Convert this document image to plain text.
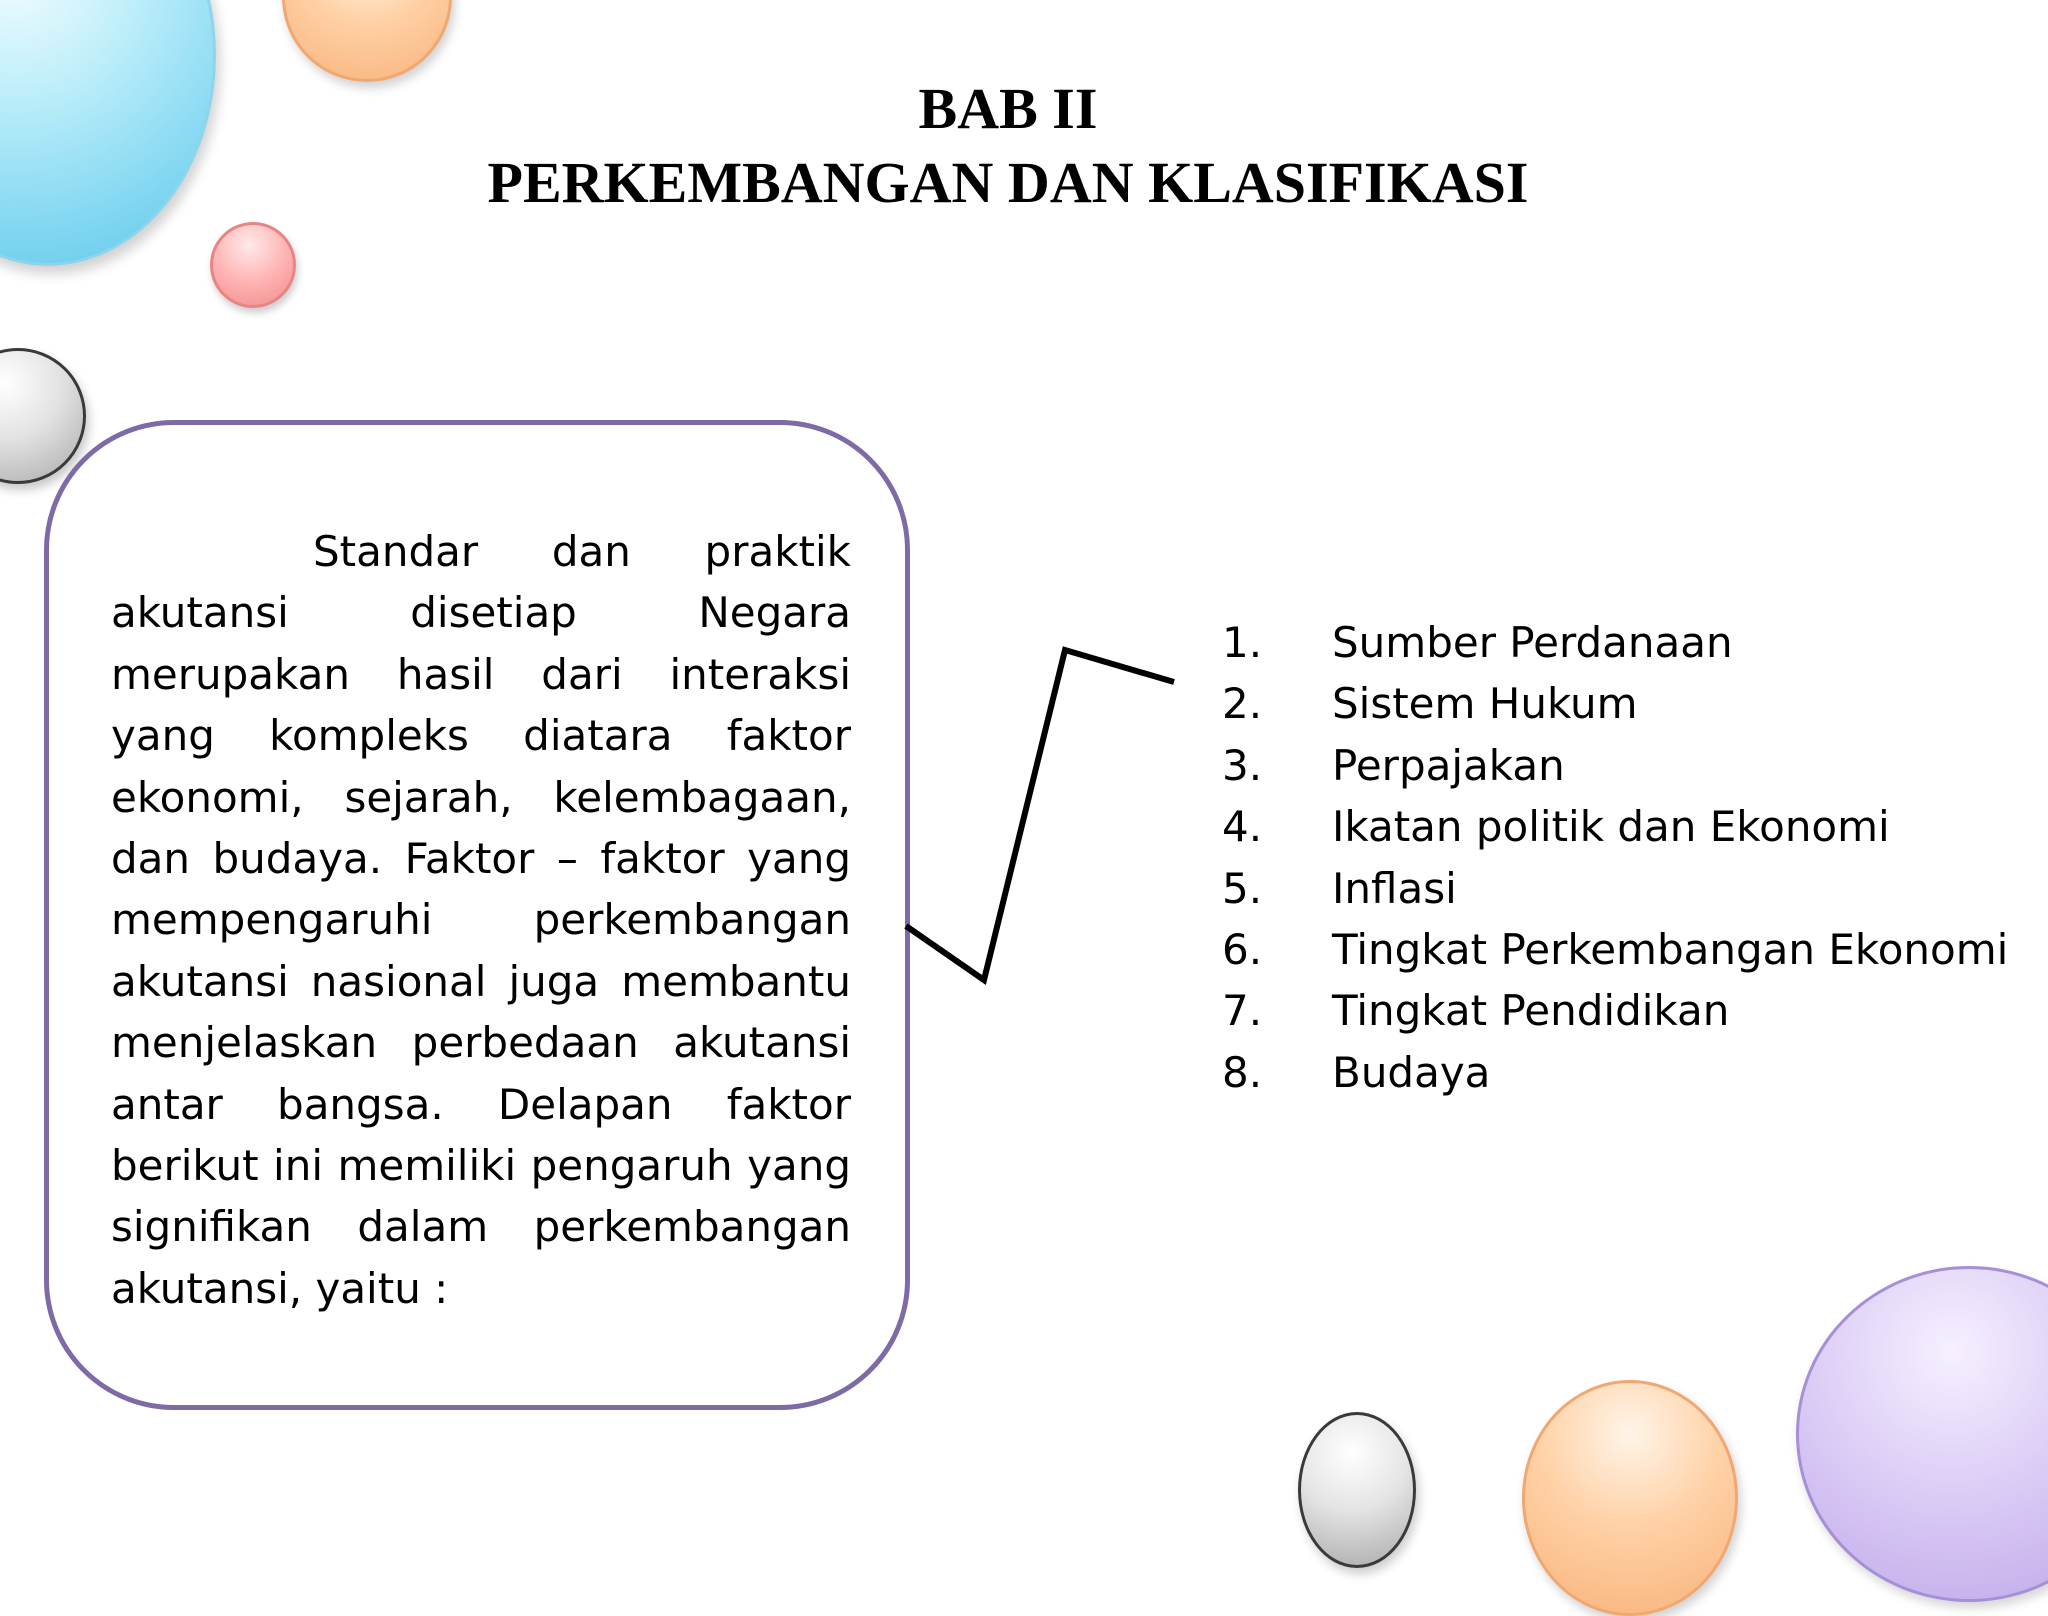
BAB II
PERKEMBANGAN DAN KLASIFIKASI

Standar dan praktik akutansi disetiap Negara merupakan hasil dari interaksi yang kompleks diatara faktor ekonomi, sejarah, kelembagaan, dan budaya. Faktor – faktor yang mempengaruhi perkembangan akutansi nasional juga membantu menjelaskan perbedaan akutansi antar bangsa. Delapan faktor berikut ini memiliki pengaruh yang signifikan dalam perkembangan akutansi, yaitu :

1.	Sumber Perdanaan
2.	Sistem Hukum
3.	Perpajakan
4.	Ikatan politik dan Ekonomi
5.	Inflasi
6.	Tingkat Perkembangan Ekonomi
7.	Tingkat Pendidikan
8.	Budaya
